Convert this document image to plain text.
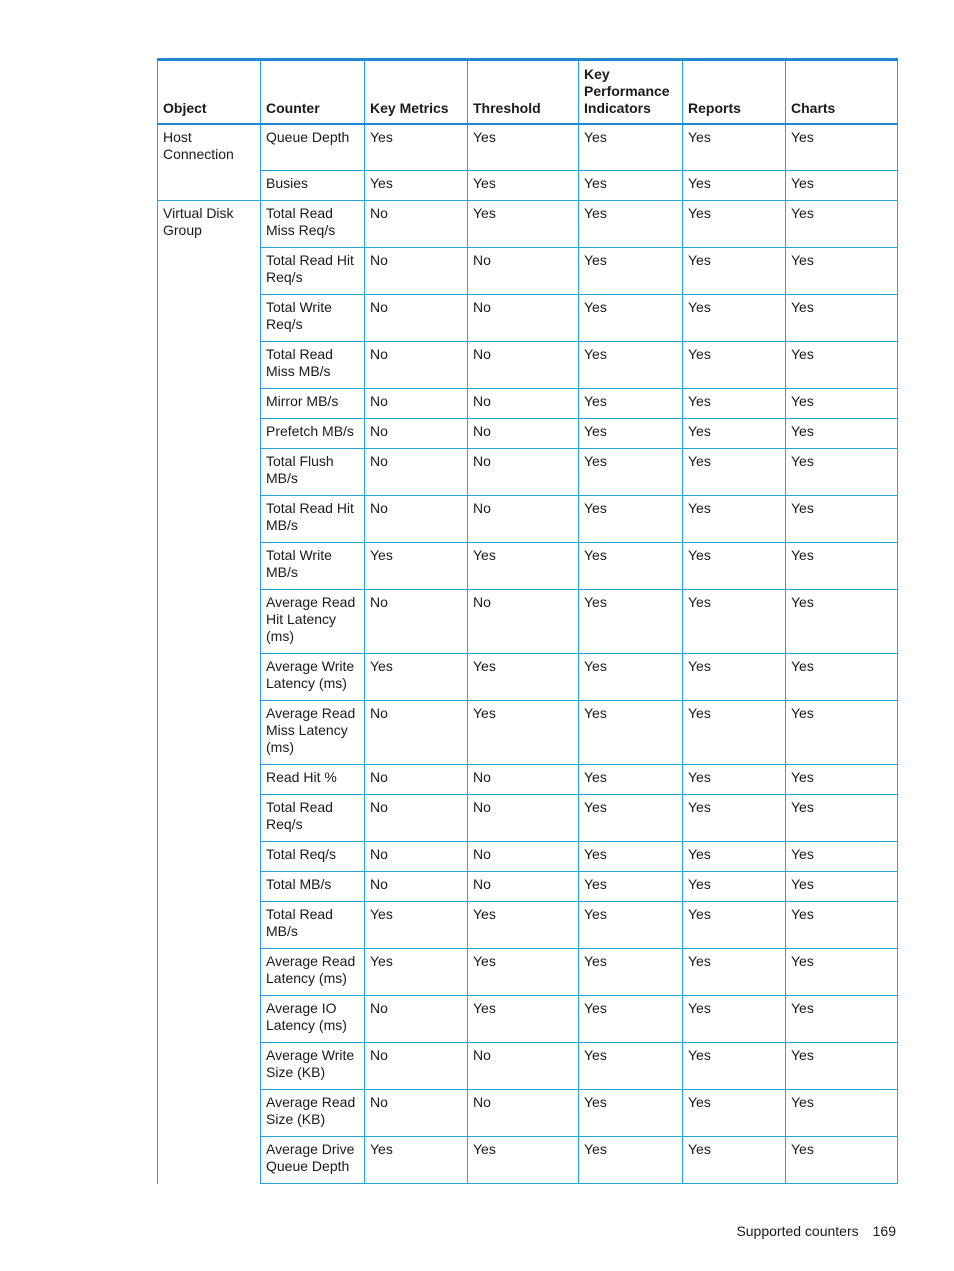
Object	Counter	Key Metrics	Threshold	Key Performance Indicators	Reports	Charts
Host Connection	Queue Depth	Yes	Yes	Yes	Yes	Yes
	Busies	Yes	Yes	Yes	Yes	Yes
Virtual Disk Group	Total Read Miss Req/s	No	Yes	Yes	Yes	Yes
	Total Read Hit Req/s	No	No	Yes	Yes	Yes
	Total Write Req/s	No	No	Yes	Yes	Yes
	Total Read Miss MB/s	No	No	Yes	Yes	Yes
	Mirror MB/s	No	No	Yes	Yes	Yes
	Prefetch MB/s	No	No	Yes	Yes	Yes
	Total Flush MB/s	No	No	Yes	Yes	Yes
	Total Read Hit MB/s	No	No	Yes	Yes	Yes
	Total Write MB/s	Yes	Yes	Yes	Yes	Yes
	Average Read Hit Latency (ms)	No	No	Yes	Yes	Yes
	Average Write Latency (ms)	Yes	Yes	Yes	Yes	Yes
	Average Read Miss Latency (ms)	No	Yes	Yes	Yes	Yes
	Read Hit %	No	No	Yes	Yes	Yes
	Total Read Req/s	No	No	Yes	Yes	Yes
	Total Req/s	No	No	Yes	Yes	Yes
	Total MB/s	No	No	Yes	Yes	Yes
	Total Read MB/s	Yes	Yes	Yes	Yes	Yes
	Average Read Latency (ms)	Yes	Yes	Yes	Yes	Yes
	Average IO Latency (ms)	No	Yes	Yes	Yes	Yes
	Average Write Size (KB)	No	No	Yes	Yes	Yes
	Average Read Size (KB)	No	No	Yes	Yes	Yes
	Average Drive Queue Depth	Yes	Yes	Yes	Yes	Yes
Supported counters 169
